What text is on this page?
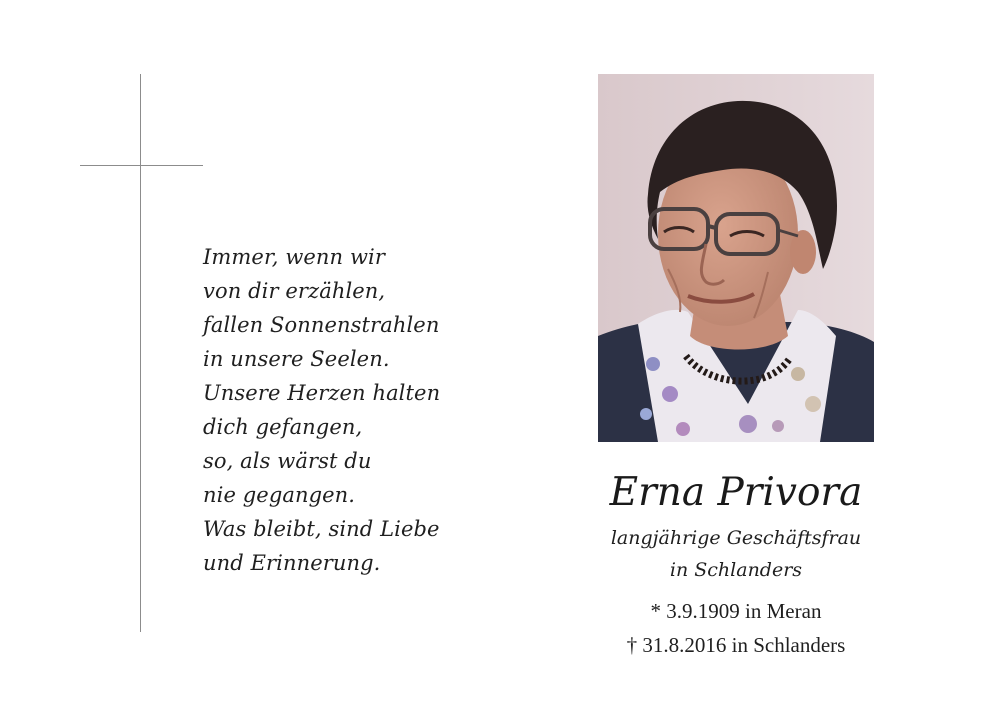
Immer, wenn wir
von dir erzählen,
fallen Sonnenstrahlen
in unsere Seelen.
Unsere Herzen halten
dich gefangen,
so, als wärst du
nie gegangen.
Was bleibt, sind Liebe
und Erinnerung.
Erna Privora
langjährige Geschäftsfrau
in Schlanders
* 3.9.1909 in Meran
† 31.8.2016 in Schlanders
